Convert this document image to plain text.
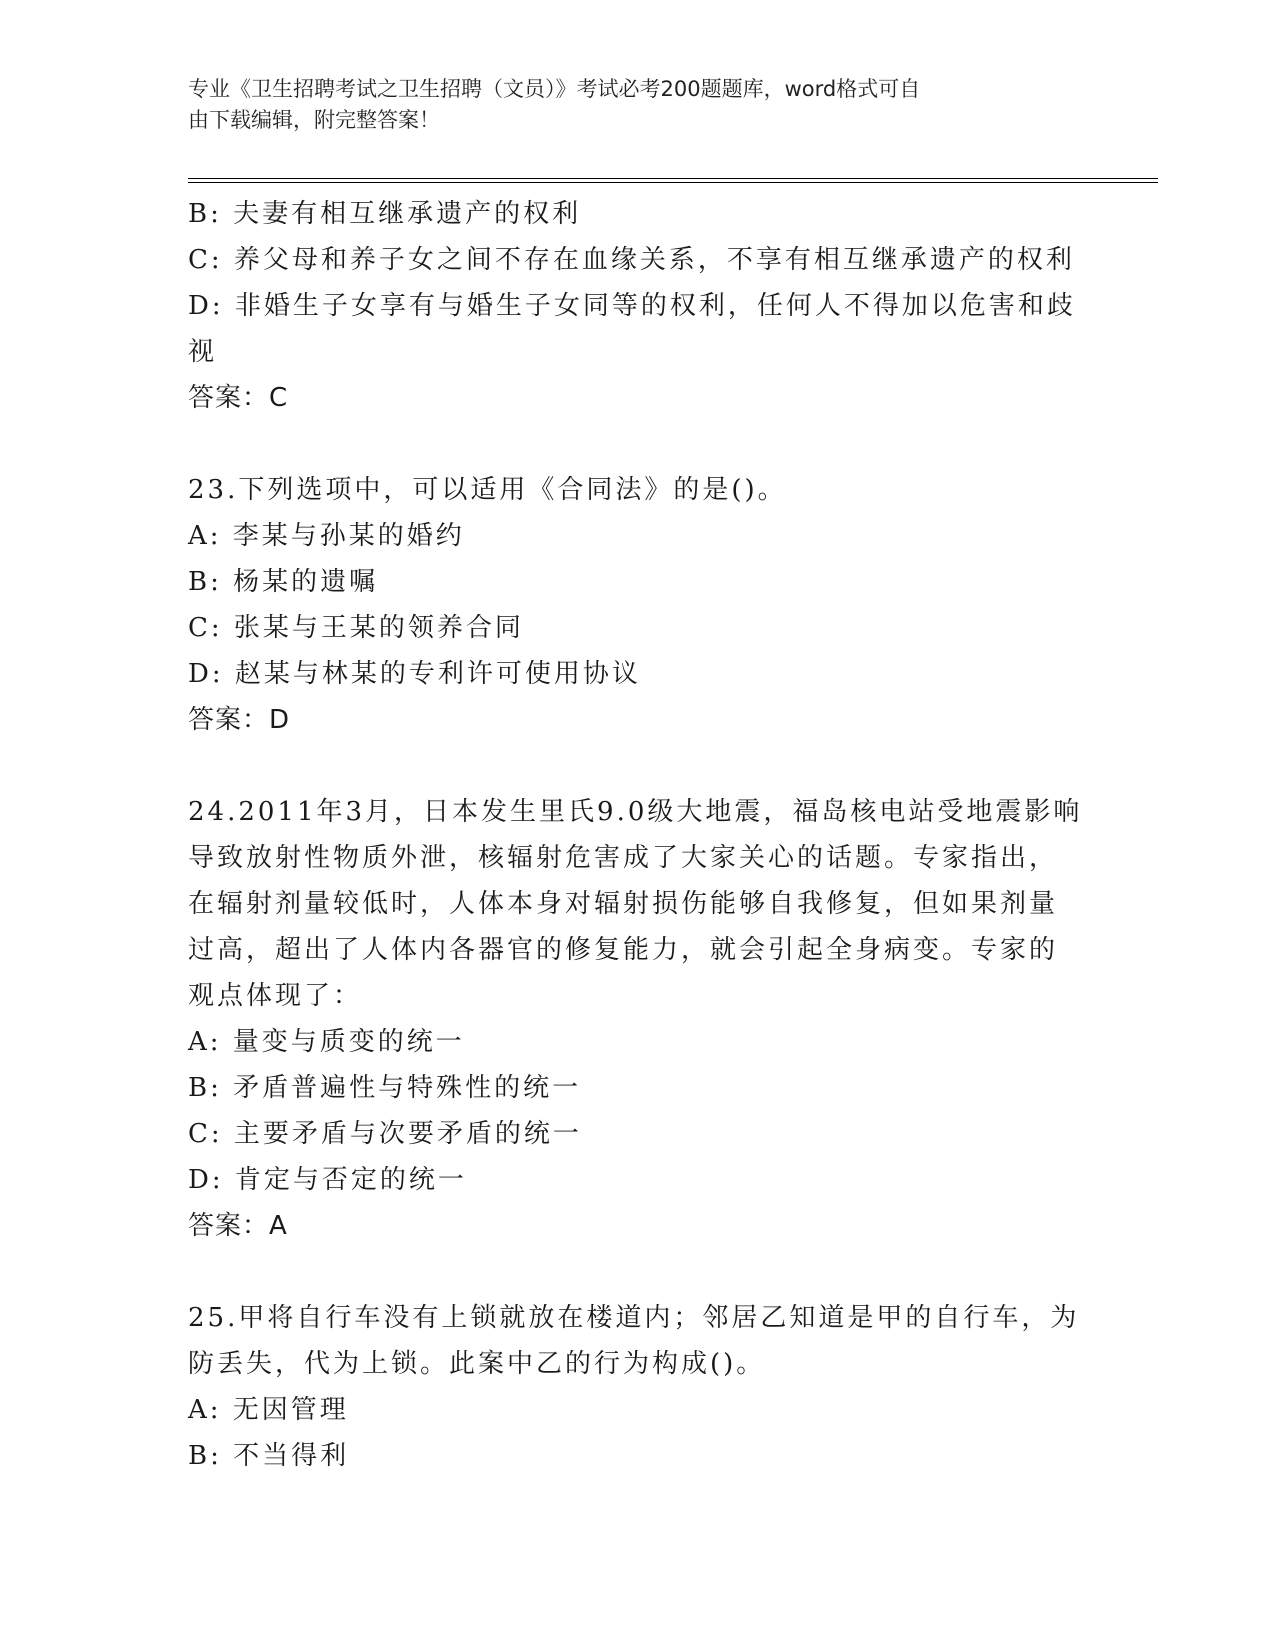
专业《卫生招聘考试之卫生招聘（文员）》考试必考200题题库，word格式可自
由下载编辑，附完整答案！

B: 夫妻有相互继承遗产的权利

C: 养父母和养子女之间不存在血缘关系，不享有相互继承遗产的权利

D: 非婚生子女享有与婚生子女同等的权利，任何人不得加以危害和歧

视

答案：C

23.下列选项中，可以适用《合同法》的是()。

A: 李某与孙某的婚约

B: 杨某的遗嘱

C: 张某与王某的领养合同

D: 赵某与林某的专利许可使用协议

答案：D

24.2011年3月，日本发生里氏9.0级大地震，福岛核电站受地震影响

导致放射性物质外泄，核辐射危害成了大家关心的话题。专家指出，

在辐射剂量较低时，人体本身对辐射损伤能够自我修复，但如果剂量

过高，超出了人体内各器官的修复能力，就会引起全身病变。专家的

观点体现了：

A: 量变与质变的统一

B: 矛盾普遍性与特殊性的统一

C: 主要矛盾与次要矛盾的统一

D: 肯定与否定的统一

答案：A

25.甲将自行车没有上锁就放在楼道内；邻居乙知道是甲的自行车，为

防丢失，代为上锁。此案中乙的行为构成()。

A: 无因管理

B: 不当得利
